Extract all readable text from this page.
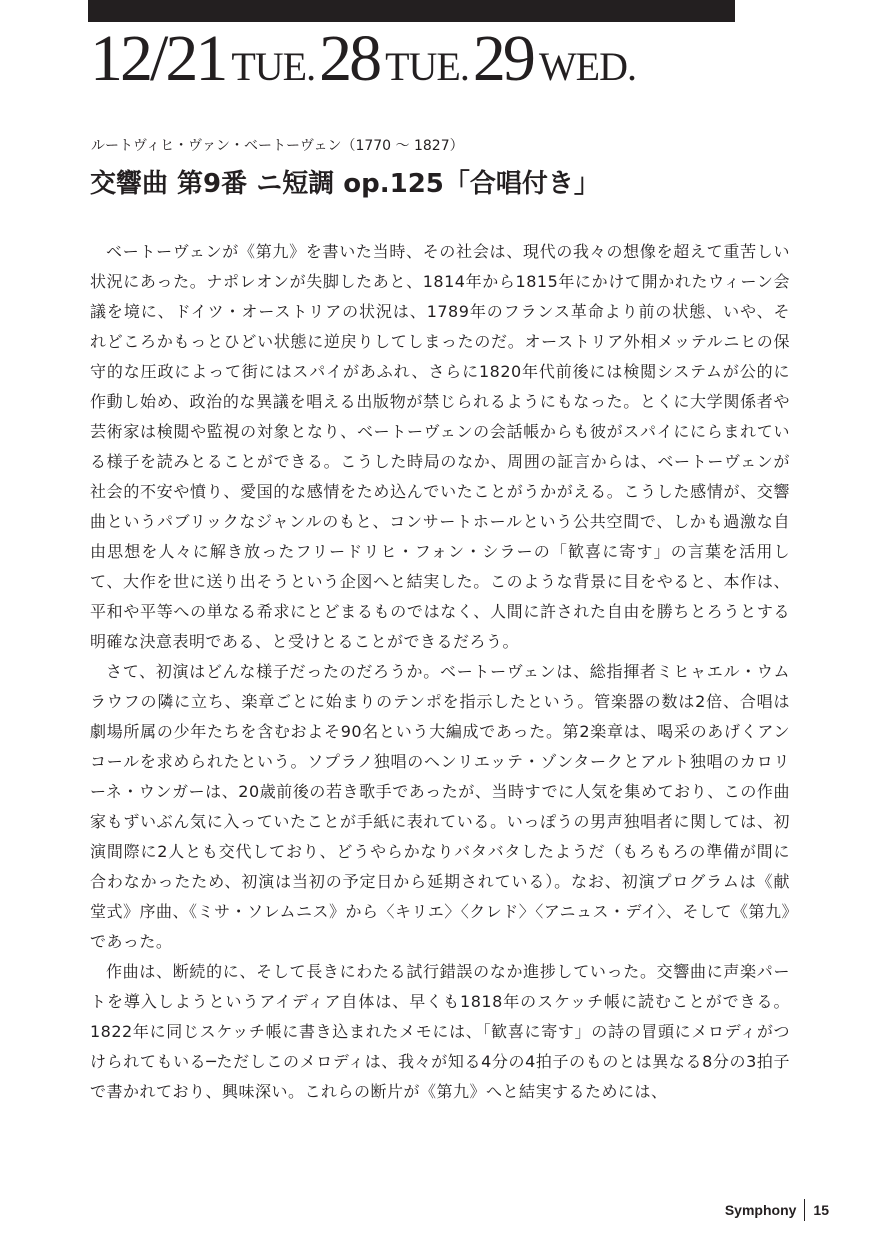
12/21 TUE. 28 TUE. 29 WED.
ルートヴィヒ・ヴァン・ベートーヴェン（1770 ～ 1827）
交響曲 第9番 ニ短調 op.125「合唱付き」

ベートーヴェンが《第九》を書いた当時、その社会は、現代の我々の想像を超えて重苦しい状況にあった。ナポレオンが失脚したあと、1814年から1815年にかけて開かれたウィーン会議を境に、ドイツ・オーストリアの状況は、1789年のフランス革命より前の状態、いや、それどころかもっとひどい状態に逆戻りしてしまったのだ。オーストリア外相メッテルニヒの保守的な圧政によって街にはスパイがあふれ、さらに1820年代前後には検閲システムが公的に作動し始め、政治的な異議を唱える出版物が禁じられるようにもなった。とくに大学関係者や芸術家は検閲や監視の対象となり、ベートーヴェンの会話帳からも彼がスパイににらまれている様子を読みとることができる。こうした時局のなか、周囲の証言からは、ベートーヴェンが社会的不安や憤り、愛国的な感情をため込んでいたことがうかがえる。こうした感情が、交響曲というパブリックなジャンルのもと、コンサートホールという公共空間で、しかも過激な自由思想を人々に解き放ったフリードリヒ・フォン・シラーの「歓喜に寄す」の言葉を活用して、大作を世に送り出そうという企図へと結実した。このような背景に目をやると、本作は、平和や平等への単なる希求にとどまるものではなく、人間に許された自由を勝ちとろうとする明確な決意表明である、と受けとることができるだろう。

さて、初演はどんな様子だったのだろうか。ベートーヴェンは、総指揮者ミヒャエル・ウムラウフの隣に立ち、楽章ごとに始まりのテンポを指示したという。管楽器の数は2倍、合唱は劇場所属の少年たちを含むおよそ90名という大編成であった。第2楽章は、喝采のあげくアンコールを求められたという。ソプラノ独唱のヘンリエッテ・ゾンタークとアルト独唱のカロリーネ・ウンガーは、20歳前後の若き歌手であったが、当時すでに人気を集めており、この作曲家もずいぶん気に入っていたことが手紙に表れている。いっぽうの男声独唱者に関しては、初演間際に2人とも交代しており、どうやらかなりバタバタしたようだ（もろもろの準備が間に合わなかったため、初演は当初の予定日から延期されている）。なお、初演プログラムは《献堂式》序曲、《ミサ・ソレムニス》から〈キリエ〉〈クレド〉〈アニュス・デイ〉、そして《第九》であった。

作曲は、断続的に、そして長きにわたる試行錯誤のなか進捗していった。交響曲に声楽パートを導入しようというアイディア自体は、早くも1818年のスケッチ帳に読むことができる。1822年に同じスケッチ帳に書き込まれたメモには、「歓喜に寄す」の詩の冒頭にメロディがつけられてもいる─ただしこのメロディは、我々が知る4分の4拍子のものとは異なる8分の3拍子で書かれており、興味深い。これらの断片が《第九》へと結実するためには、

Symphony 15
